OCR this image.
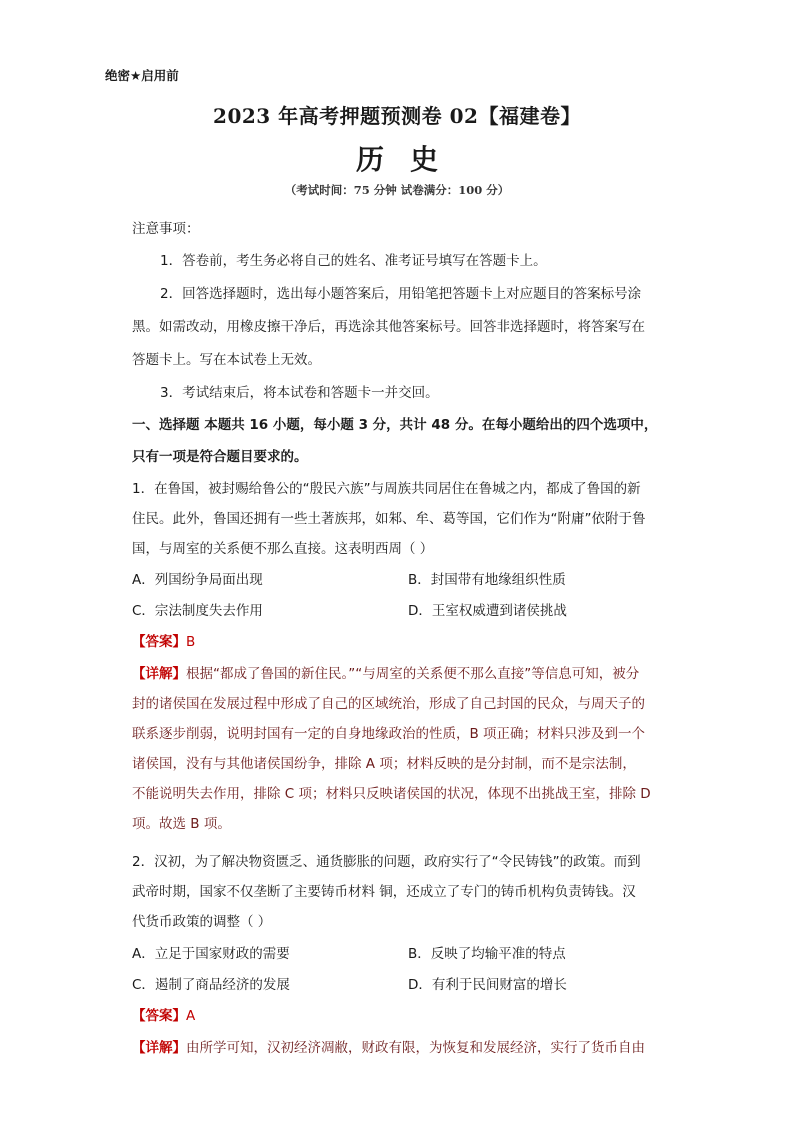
绝密★启用前
2023 年高考押题预测卷 02【福建卷】
历史
（考试时间：75 分钟 试卷满分：100 分）
注意事项：
1．答卷前，考生务必将自己的姓名、准考证号填写在答题卡上。
2．回答选择题时，选出每小题答案后，用铅笔把答题卡上对应题目的答案标号涂
黑。如需改动，用橡皮擦干净后，再选涂其他答案标号。回答非选择题时，将答案写在
答题卡上。写在本试卷上无效。
3．考试结束后，将本试卷和答题卡一并交回。
一、选择题 本题共 16 小题，每小题 3 分，共计 48 分。在每小题给出的四个选项中，
只有一项是符合题目要求的。
1．在鲁国，被封赐给鲁公的“殷民六族”与周族共同居住在鲁城之内，都成了鲁国的新
住民。此外，鲁国还拥有一些土著族邦，如邾、牟、葛等国，它们作为“附庸”依附于鲁
国，与周室的关系便不那么直接。这表明西周（ ）
A．列国纷争局面出现	B．封国带有地缘组织性质
C．宗法制度失去作用	D．王室权威遭到诸侯挑战
【答案】B
【详解】根据“都成了鲁国的新住民。”“与周室的关系便不那么直接”等信息可知，被分
封的诸侯国在发展过程中形成了自己的区域统治，形成了自己封国的民众，与周天子的
联系逐步削弱，说明封国有一定的自身地缘政治的性质，B 项正确；材料只涉及到一个
诸侯国，没有与其他诸侯国纷争，排除 A 项；材料反映的是分封制，而不是宗法制，
不能说明失去作用，排除 C 项；材料只反映诸侯国的状况，体现不出挑战王室，排除 D
项。故选 B 项。
2．汉初，为了解决物资匮乏、通货膨胀的问题，政府实行了“令民铸钱”的政策。而到
武帝时期，国家不仅垄断了主要铸币材料 铜，还成立了专门的铸币机构负责铸钱。汉
代货币政策的调整（ ）
A．立足于国家财政的需要	B．反映了均输平准的特点
C．遏制了商品经济的发展	D．有利于民间财富的增长
【答案】A
【详解】由所学可知，汉初经济凋敝，财政有限，为恢复和发展经济，实行了货币自由
